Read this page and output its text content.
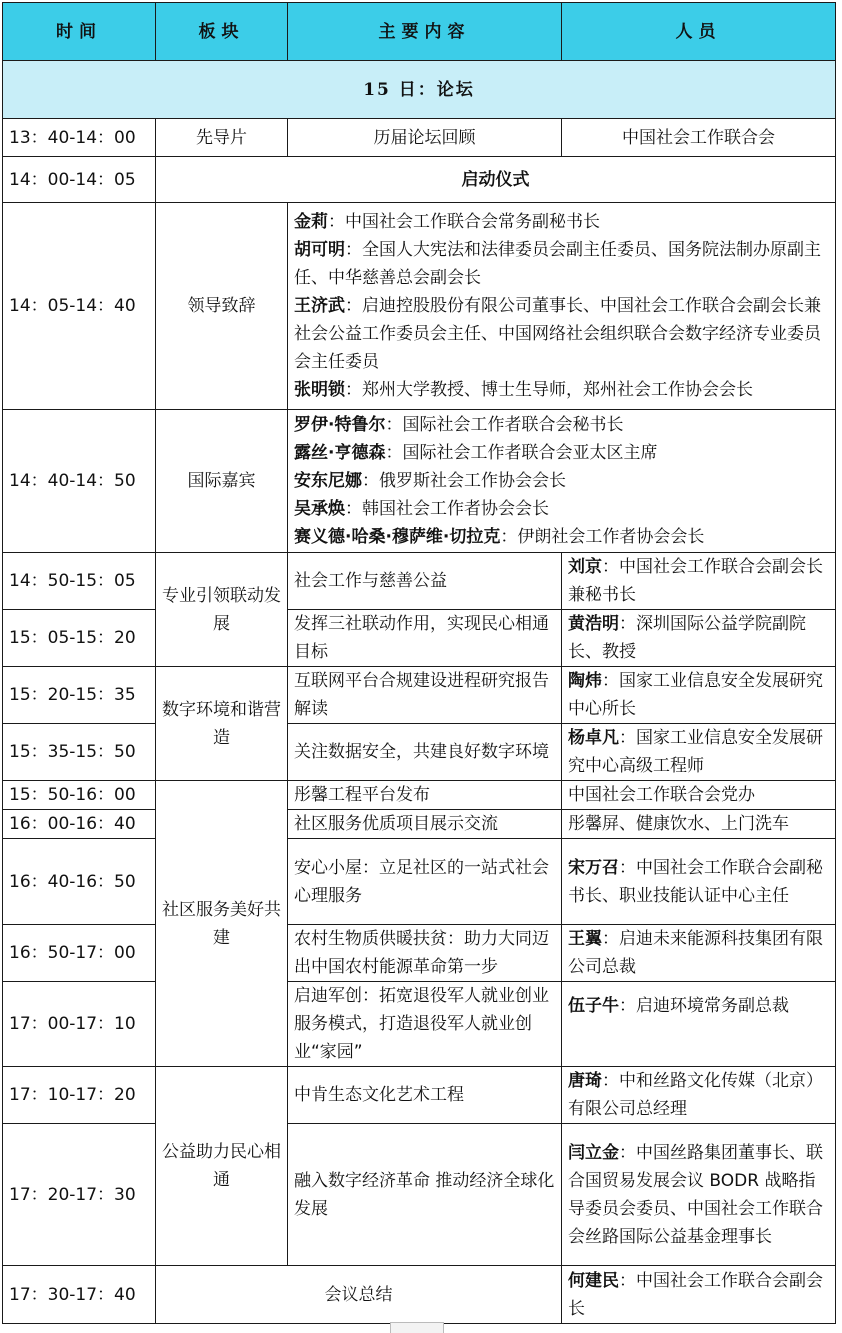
时间	板块	主要内容	人员
15 日：论坛			
13：40-14：00	先导片	历届论坛回顾	中国社会工作联合会
14：00-14：05	启动仪式		
14：05-14：40	领导致辞	金莉：中国社会工作联合会常务副秘书长
胡可明：全国人大宪法和法律委员会副主任委员、国务院法制办原副主任、中华慈善总会副会长
王济武：启迪控股股份有限公司董事长、中国社会工作联合会副会长兼社会公益工作委员会主任、中国网络社会组织联合会数字经济专业委员会主任委员
张明锁：郑州大学教授、博士生导师，郑州社会工作协会会长	

14：40-14：50	国际嘉宾	罗伊·特鲁尔：国际社会工作者联合会秘书长
露丝·亨德森：国际社会工作者联合会亚太区主席
安东尼娜：俄罗斯社会工作协会会长
吴承焕：韩国社会工作者协会会长
赛义德·哈桑·穆萨维·切拉克：伊朗社会工作者协会会长	

14：50-15：05	专业引领联动发展	社会工作与慈善公益	刘京：中国社会工作联合会副会长兼秘书长
15：05-15：20		发挥三社联动作用，实现民心相通目标	黄浩明：深圳国际公益学院副院长、教授
15：20-15：35	数字环境和谐营造	互联网平台合规建设进程研究报告解读	陶炜：国家工业信息安全发展研究中心所长
15：35-15：50		关注数据安全，共建良好数字环境	杨卓凡：国家工业信息安全发展研究中心高级工程师
15：50-16：00	社区服务美好共建	彤馨工程平台发布	中国社会工作联合会党办
16：00-16：40		社区服务优质项目展示交流	彤馨屏、健康饮水、上门洗车
16：40-16：50		安心小屋：立足社区的一站式社会心理服务	宋万召：中国社会工作联合会副秘书长、职业技能认证中心主任
16：50-17：00		农村生物质供暖扶贫：助力大同迈出中国农村能源革命第一步	王翼：启迪未来能源科技集团有限公司总裁
17：00-17：10		启迪军创：拓宽退役军人就业创业服务模式，打造退役军人就业创业“家园”	伍子牛：启迪环境常务副总裁
17：10-17：20	公益助力民心相通	中肯生态文化艺术工程	唐琦：中和丝路文化传媒（北京）有限公司总经理
17：20-17：30		融入数字经济革命 推动经济全球化发展	闫立金：中国丝路集团董事长、联合国贸易发展会议 BODR 战略指导委员会委员、中国社会工作联合会丝路国际公益基金理事长
17：30-17：40	会议总结		何建民：中国社会工作联合会副会长
